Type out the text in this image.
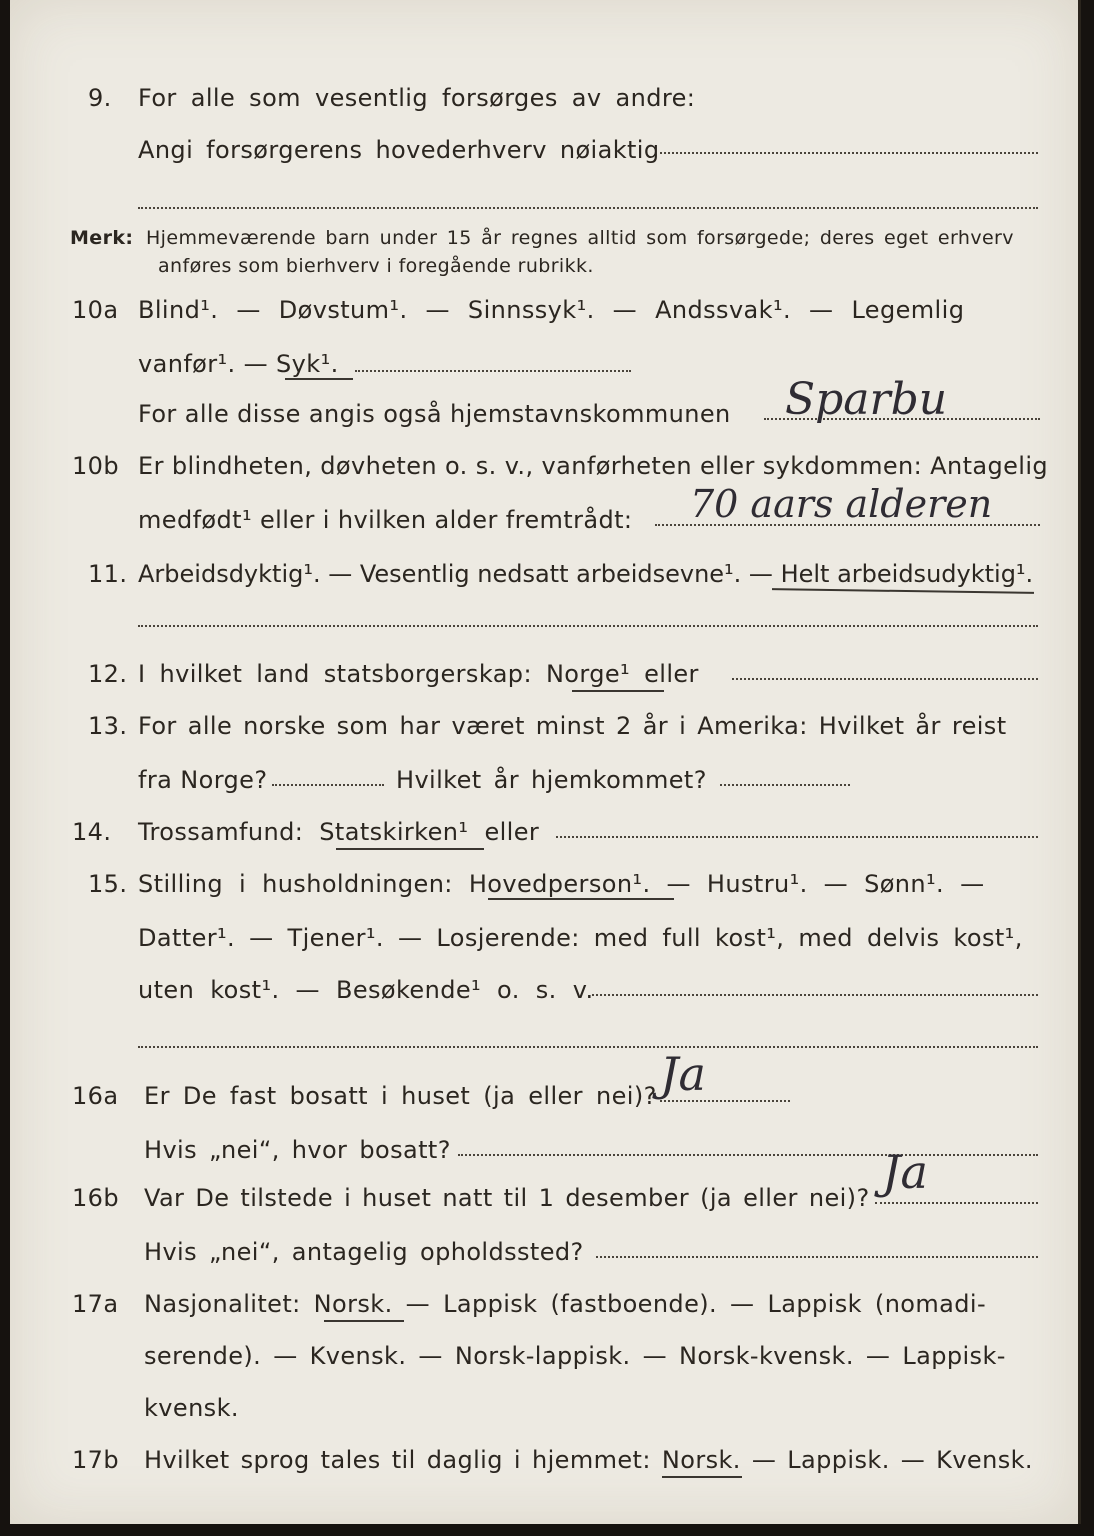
9. For alle som vesentlig forsørges av andre:
Angi forsørgerens hovederhverv nøiaktig
Merk: Hjemmeværende barn under 15 år regnes alltid som forsørgede; deres eget erhverv
anføres som bierhverv i foregående rubrikk.
10a Blind¹. — Døvstum¹. — Sinnssyk¹. — Andssvak¹. — Legemlig
vanfør¹. — Syk¹.
For alle disse angis også hjemstavnskommunen Sparbu
10b Er blindheten, døvheten o. s. v., vanførheten eller sykdommen: Antagelig
medfødt¹ eller i hvilken alder fremtrådt: 70 aars alderen
11. Arbeidsdyktig¹. — Vesentlig nedsatt arbeidsevne¹. — Helt arbeidsudyktig¹.
12. I hvilket land statsborgerskap: Norge¹ eller
13. For alle norske som har været minst 2 år i Amerika: Hvilket år reist
fra Norge?	Hvilket år hjemkommet?
14. Trossamfund: Statskirken¹ eller
15. Stilling i husholdningen: Hovedperson¹. — Hustru¹. — Sønn¹. —
Datter¹. — Tjener¹. — Losjerende: med full kost¹, med delvis kost¹,
uten kost¹. — Besøkende¹ o. s. v.
16a Er De fast bosatt i huset (ja eller nei)? Ja
Hvis „nei“, hvor bosatt?
16b Var De tilstede i huset natt til 1 desember (ja eller nei)? Ja
Hvis „nei“, antagelig opholdssted?
17a Nasjonalitet: Norsk. — Lappisk (fastboende). — Lappisk (nomadi-
serende). — Kvensk. — Norsk-lappisk. — Norsk-kvensk. — Lappisk-
kvensk.
17b Hvilket sprog tales til daglig i hjemmet: Norsk. — Lappisk. — Kvensk.
